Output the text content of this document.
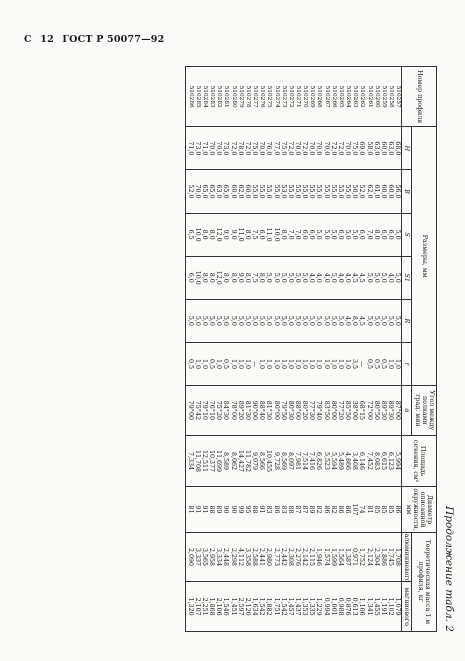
С 12 ГОСТ Р 50077—92
Продолжение табл. 2
Номер профиля	Размеры, мм						Угол между полками град. мин	Площадь сечения, см²	Диаметр описанной окружности, мм	Теоретическая масса 1 м профиля, кг	
	H	B	S	S1	R	r	α			алюминиевого	магниевого
510257	68,0	56,0	5,0	5,0	5,0	1,0	87°00	5,994	86	1,708	1,079
510258	63,0	60,0	6,0	4,0	5,0	1,0	89°30	6,123	85	1,745	1,102
510259	60,0	60,0	6,0	5,0	5,0	0,5	89°30	6,615	85	1,886	1,191
510260	63,0	61,0	8,0	5,0	5,0	0,5	80°50	8,083	85	2,304	1,455
510261	58,0	62,0	7,0	5,0	5,0	0,5	72°00	7,452	81	2,124	1,341
510262	69,0	52,0	6,0	4,5	4,5	—	68°15	6,146	74	1,752	1,106
510263	75,0	50,0	5,0	4,5	8,0	3,5	38°00	3,408	107	0,971	0,613
510264	70,0	55,0	5,0	4,0	4,0	1,0	85°50	4,866	86	1,387	0,876
510265	72,0	55,0	6,0	4,0	5,0	1,0	77°20	5,489	86	1,564	0,988
510266	72,0	55,0	5,0	5,0	5,0	1,0	80°00	5,594	82	1,599	1,001
510267	70,0	55,0	5,0	4,0	5,0	1,0	83°50	5,523	86	1,574	0,994
510268	70,0	55,0	5,0	4,0	5,0	1,0	79°40	6,826	82	1,946	1,229
510269	70,0	55,0	6,0	4,0	5,0	1,0	77°30	7,416	89	2,115	1,335
510270	72,0	55,0	6,0	5,0	5,0	1,0	80°20	7,514	87	2,142	1,353
510271	70,0	55,0	7,0	5,0	5,0	1,0	88°00	7,981	87	2,276	1,437
510272	72,0	55,0	7,0	5,0	5,0	1,0	80°30	8,097	88	2,308	1,457
510273	75,0	53,0	8,0	5,0	5,0	1,0	79°50	8,569	83	2,442	1,542
510274	77,0	55,0	10,0	5,0	5,0	1,0	80°00	9,728	86	2,773	1,751
510275	76,0	55,0	11,0	5,0	5,0	1,0	81°30	10,455	83	2,980	1,882
510276	70,0	55,0	6,0	8,0	5,0	1,0	88°40	8,566	91	2,441	1,542
510277	75,0	55,0	7,5	7,5	5,0	—	90°00	9,079	88	2,588	1,634
510278	72,0	60,0	8,0	8,0	5,0	1,0	81°30	11,782	95	3,358	2,120
510279	78,0	62,0	11,0	9,0	5,0	1,0	89°20	14,427	99	4,112	2,597
510280	72,0	60,0	9,0	8,0	5,0	1,0	78°00	8,062	90	2,298	1,451
510281	73,0	65,0	9,0	8,0	5,0	0,5	84°30	8,589	90	2,448	1,546
510282	70,0	63,0	12,0	12,0	5,0	1,0	75°20	11,699	89	3,334	2,106
510283	70,0	65,0	8,0	8,0	5,0	0,5	76°10	10,377	88	2,958	1,868
510284	71,0	65,0	8,0	8,0	5,0	1,0	79°10	12,511	91	3,565	2,251
510285	73,0	70,0	10,0	10,0	5,0	1,0	75°42	11,708	91	3,337	2,107
510286	71,0	52,0	6,5	6,0	5,0	0,5	79°00	7,334	81	2,090	1,320
